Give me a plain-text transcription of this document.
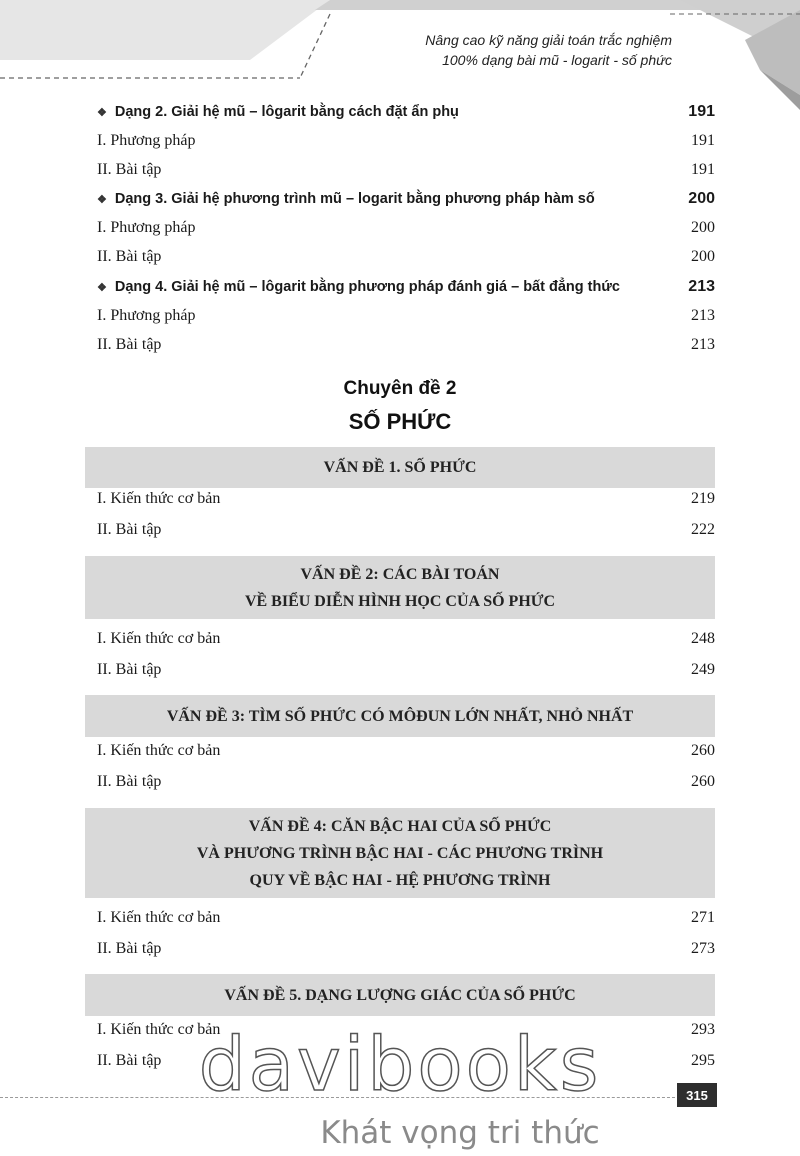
Nâng cao kỹ năng giải toán trắc nghiệm
100% dạng bài mũ - logarit - số phức
❖ Dạng 2. Giải hệ mũ – lôgarit bằng cách đặt ẩn phụ	191
I. Phương pháp	191
II. Bài tập	191
❖ Dạng 3. Giải hệ phương trình mũ – logarit bằng phương pháp hàm số	200
I. Phương pháp	200
II. Bài tập	200
❖ Dạng 4. Giải hệ mũ – lôgarit bằng phương pháp đánh giá – bất đẳng thức	213
I. Phương pháp	213
II. Bài tập	213
Chuyên đề 2
SỐ PHỨC
VẤN ĐỀ 1. SỐ PHỨC
I. Kiến thức cơ bản	219
II. Bài tập	222
VẤN ĐỀ 2: CÁC BÀI TOÁN
VỀ BIỂU DIỄN HÌNH HỌC CỦA SỐ PHỨC
I. Kiến thức cơ bản	248
II. Bài tập	249
VẤN ĐỀ 3: TÌM SỐ PHỨC CÓ MÔĐUN LỚN NHẤT, NHỎ NHẤT
I. Kiến thức cơ bản	260
II. Bài tập	260
VẤN ĐỀ 4: CĂN BẬC HAI CỦA SỐ PHỨC
VÀ PHƯƠNG TRÌNH BẬC HAI - CÁC PHƯƠNG TRÌNH
QUY VỀ BẬC HAI - HỆ PHƯƠNG TRÌNH
I. Kiến thức cơ bản	271
II. Bài tập	273
VẤN ĐỀ 5. DẠNG LƯỢNG GIÁC CỦA SỐ PHỨC
I. Kiến thức cơ bản	293
II. Bài tập	295
315
davibooks
Khát vọng tri thức
